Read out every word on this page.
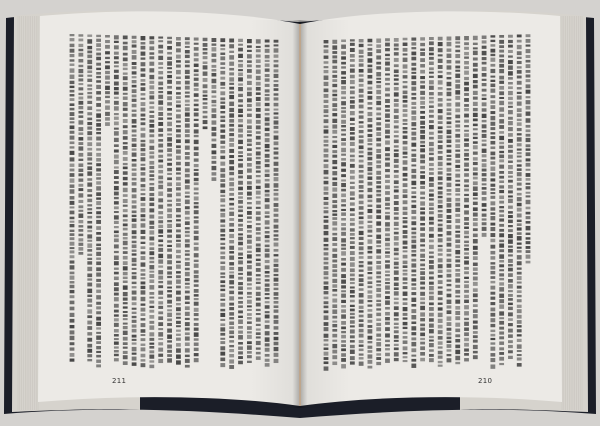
211	210
